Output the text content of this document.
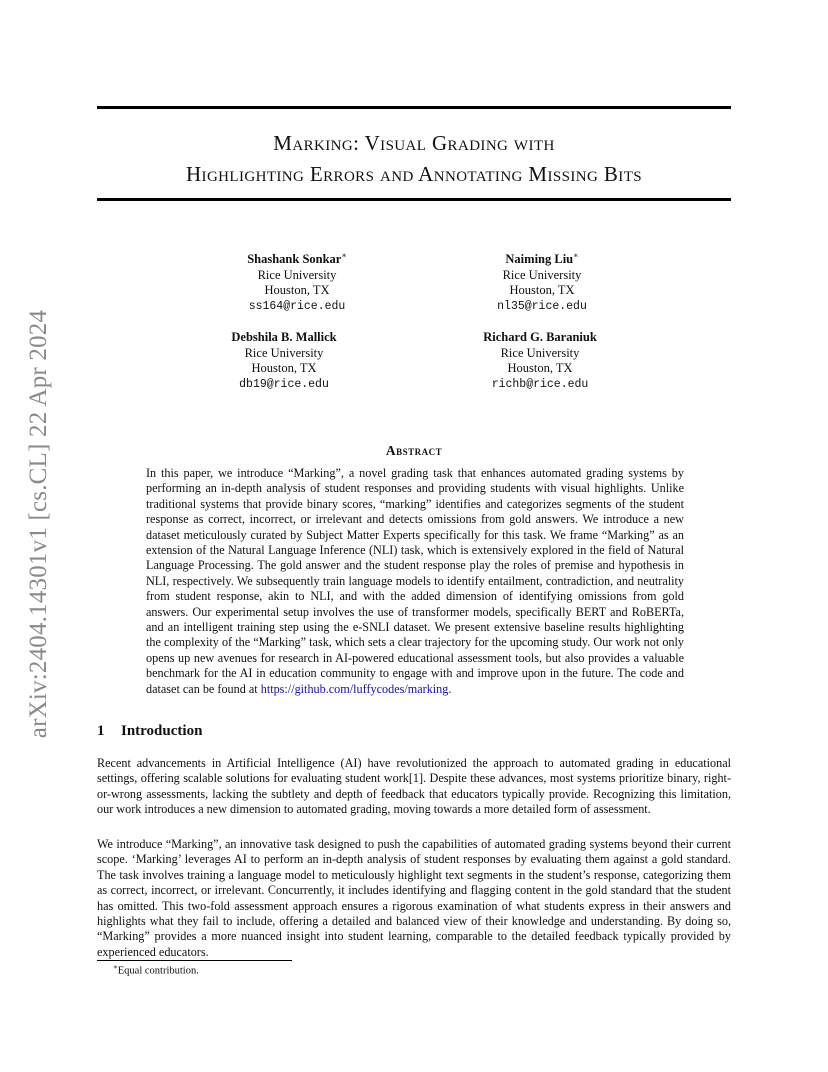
arXiv:2404.14301v1 [cs.CL] 22 Apr 2024
Marking: Visual Grading with
Highlighting Errors and Annotating Missing Bits
Shashank Sonkar∗
Rice University
Houston, TX
ss164@rice.edu
Naiming Liu∗
Rice University
Houston, TX
nl35@rice.edu
Debshila B. Mallick
Rice University
Houston, TX
db19@rice.edu
Richard G. Baraniuk
Rice University
Houston, TX
richb@rice.edu
Abstract
In this paper, we introduce “Marking”, a novel grading task that enhances automated grading systems by performing an in-depth analysis of student responses and providing students with visual highlights. Unlike traditional systems that provide binary scores, “marking” identifies and categorizes segments of the student response as correct, incorrect, or irrelevant and detects omissions from gold answers. We introduce a new dataset meticulously curated by Subject Matter Experts specifically for this task. We frame “Marking” as an extension of the Natural Language Inference (NLI) task, which is extensively explored in the field of Natural Language Processing. The gold answer and the student response play the roles of premise and hypothesis in NLI, respectively. We subsequently train language models to identify entailment, contradiction, and neutrality from student response, akin to NLI, and with the added dimension of identifying omissions from gold answers. Our experimental setup involves the use of transformer models, specifically BERT and RoBERTa, and an intelligent training step using the e-SNLI dataset. We present extensive baseline results highlighting the complexity of the “Marking” task, which sets a clear trajectory for the upcoming study. Our work not only opens up new avenues for research in AI-powered educational assessment tools, but also provides a valuable benchmark for the AI in education community to engage with and improve upon in the future. The code and dataset can be found at https://github.com/luffycodes/marking.
1 Introduction
Recent advancements in Artificial Intelligence (AI) have revolutionized the approach to automated grading in educational settings, offering scalable solutions for evaluating student work[1]. Despite these advances, most systems prioritize binary, right-or-wrong assessments, lacking the subtlety and depth of feedback that educators typically provide. Recognizing this limitation, our work introduces a new dimension to automated grading, moving towards a more detailed form of assessment.
We introduce “Marking”, an innovative task designed to push the capabilities of automated grading systems beyond their current scope. ‘Marking’ leverages AI to perform an in-depth analysis of student responses by evaluating them against a gold standard. The task involves training a language model to meticulously highlight text segments in the student’s response, categorizing them as correct, incorrect, or irrelevant. Concurrently, it includes identifying and flagging content in the gold standard that the student has omitted. This two-fold assessment approach ensures a rigorous examination of what students express in their answers and highlights what they fail to include, offering a detailed and balanced view of their knowledge and understanding. By doing so, “Marking” provides a more nuanced insight into student learning, comparable to the detailed feedback typically provided by experienced educators.
∗Equal contribution.
